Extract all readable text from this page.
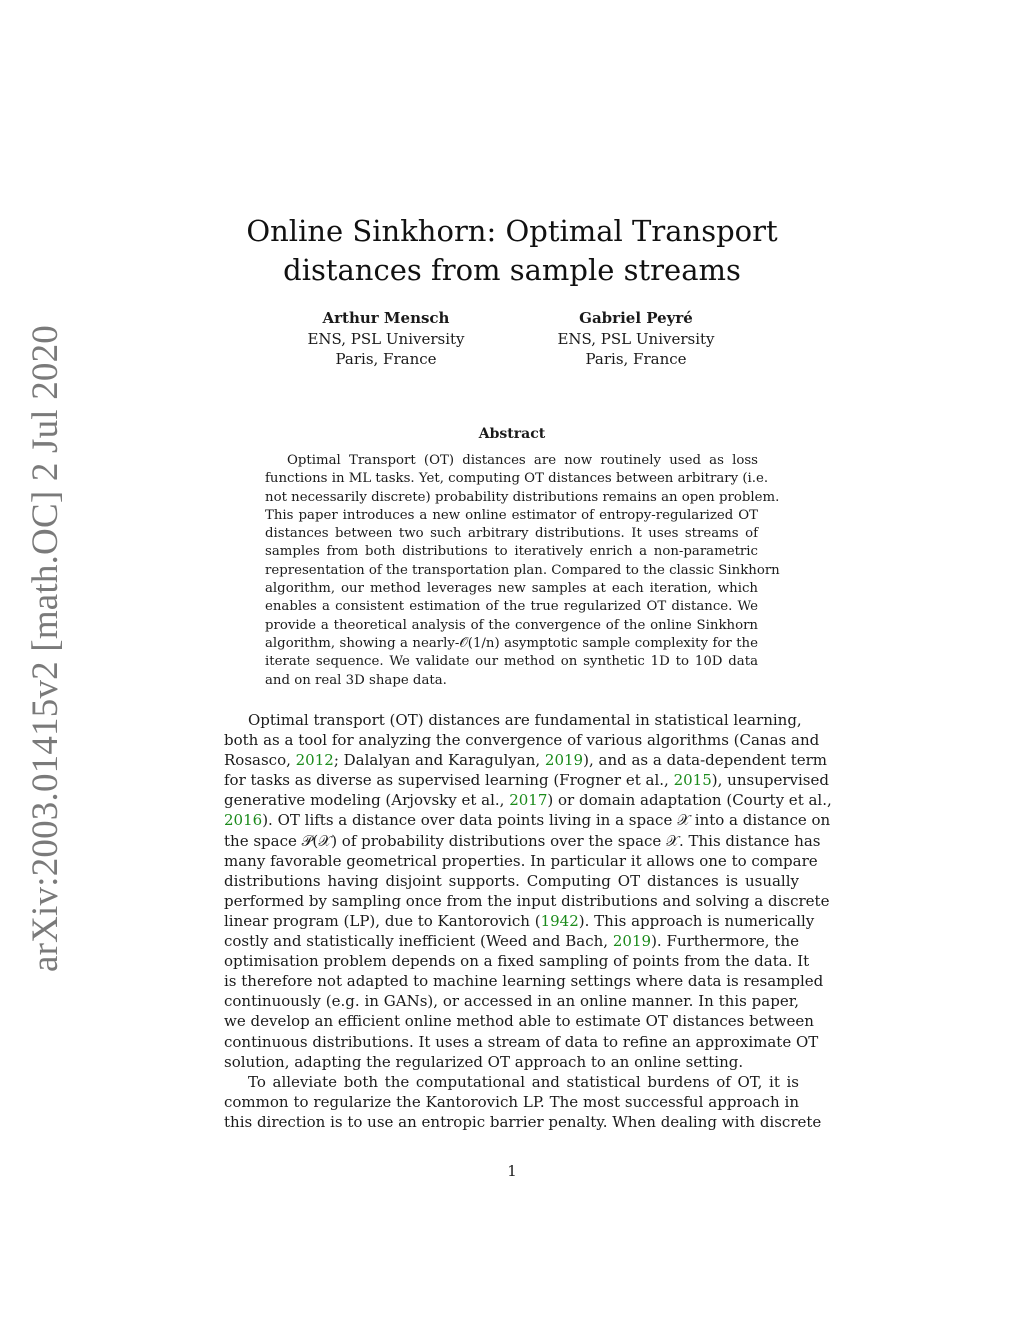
arXiv:2003.01415v2 [math.OC] 2 Jul 2020
Online Sinkhorn: Optimal Transport
distances from sample streams
Arthur Mensch
ENS, PSL University
Paris, France
Gabriel Peyré
ENS, PSL University
Paris, France
Abstract
Optimal Transport (OT) distances are now routinely used as loss
functions in ML tasks. Yet, computing OT distances between arbitrary (i.e.
not necessarily discrete) probability distributions remains an open problem.
This paper introduces a new online estimator of entropy-regularized OT
distances between two such arbitrary distributions. It uses streams of
samples from both distributions to iteratively enrich a non-parametric
representation of the transportation plan. Compared to the classic Sinkhorn
algorithm, our method leverages new samples at each iteration, which
enables a consistent estimation of the true regularized OT distance. We
provide a theoretical analysis of the convergence of the online Sinkhorn
algorithm, showing a nearly-𝒪(1/n) asymptotic sample complexity for the
iterate sequence. We validate our method on synthetic 1D to 10D data
and on real 3D shape data.
Optimal transport (OT) distances are fundamental in statistical learning,
both as a tool for analyzing the convergence of various algorithms (Canas and
Rosasco, 2012; Dalalyan and Karagulyan, 2019), and as a data-dependent term
for tasks as diverse as supervised learning (Frogner et al., 2015), unsupervised
generative modeling (Arjovsky et al., 2017) or domain adaptation (Courty et al.,
2016). OT lifts a distance over data points living in a space 𝒳 into a distance on
the space 𝒫(𝒳) of probability distributions over the space 𝒳. This distance has
many favorable geometrical properties. In particular it allows one to compare
distributions having disjoint supports. Computing OT distances is usually
performed by sampling once from the input distributions and solving a discrete
linear program (LP), due to Kantorovich (1942). This approach is numerically
costly and statistically inefficient (Weed and Bach, 2019). Furthermore, the
optimisation problem depends on a fixed sampling of points from the data. It
is therefore not adapted to machine learning settings where data is resampled
continuously (e.g. in GANs), or accessed in an online manner. In this paper,
we develop an efficient online method able to estimate OT distances between
continuous distributions. It uses a stream of data to refine an approximate OT
solution, adapting the regularized OT approach to an online setting.
To alleviate both the computational and statistical burdens of OT, it is
common to regularize the Kantorovich LP. The most successful approach in
this direction is to use an entropic barrier penalty. When dealing with discrete
1
